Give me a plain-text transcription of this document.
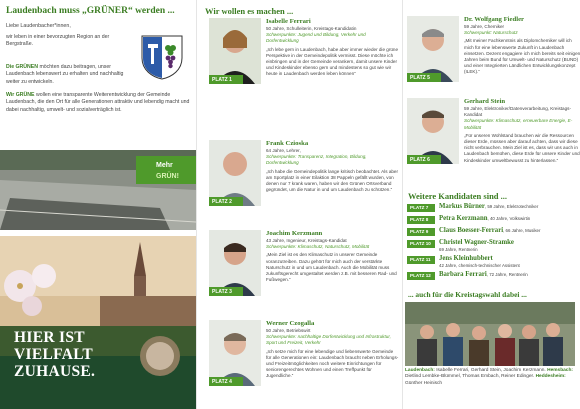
Laudenbach muss „GRÜNER“ werden ...
Liebe Laudenbacher*innen,
wir leben in einer bevorzugten Region an der Bergstraße.
Die GRÜNEN möchten dazu beitragen, unser Laudenbach lebenswert zu erhalten und nachhaltig weiter zu entwickeln.
Wir GRÜNE wollen eine transparente Weiterentwicklung der Gemeinde Laudenbach, die den Ort für alle Generationen attraktiv und lebendig macht und dabei nachhaltig, umwelt- und sozialverträglich ist.
Mehr
GRÜN!
HIER IST
VIELFALT
ZUHAUSE.
Wir wollen es machen ...
PLATZ 1
Isabelle Ferrari
50 Jahre, Schulleiterin, Kreistags-Kandidatin
Schwerpunkte: Jugend und Bildung, Verkehr und Dorfentwicklung
„Ich lebe gern in Laudenbach, habe aber immer wieder die grüne Perspektive in der Gemeindepolitik vermisst. Diese möchte ich einbringen und in der Gemeinde verankern, damit unsere Kinder und Kindeskinder ebenso gern und mindestens so gut wie wir heute in Laudenbach werden leben können“
PLATZ 2
Frank Czioska
64 Jahre, Lehrer,
Schwerpunkte: Transparenz, Integration, Bildung, Dorfentwicklung
„Ich habe die Gemeindepolitik lange kritisch beobachtet. Als aber am Sportplatz in einer Eilaktion 38 Pappeln gefällt wurden, von denen nur 7 krank waren, haben wir den Grünen Ortsverband gegründet, um die Natur in und um Laudenbach zu schützen.“
PLATZ 3
Joachim Kerzmann
43 Jahre, Ingenieur, Kreistags-Kandidat
Schwerpunkte: Klimaschutz, Naturschutz, Mobilität
„Mein Ziel ist es den Klimaschutz in unserer Gemeinde voranzutreiben. Dazu gehört für mich auch der verstärkte Naturschutz in und um Laudenbach. Auch die Mobilität muss zukunftsgerecht umgestaltet werden z.B. mit besseren Rad- und Fußwegen.“
PLATZ 4
Werner Czogalla
50 Jahre, Betriebswirt
Schwerpunkte: nachhaltige Dorfentwicklung und Infrastruktur, Sport und Freizeit, Verkehr
„Ich setze mich für eine lebendige und liebenswerte Gemeinde für alle Generationen ein: Laudenbach braucht neben Erholungs- und Freizeitmöglichkeiten noch weitere Einrichtungen für seniorengerechtes Wohnen und einen Treffpunkt für Jugendliche.“
PLATZ 5
Dr. Wolfgang Fiedler
59 Jahre, Chemiker
Schwerpunkt: Naturschutz
„Mit meiner Fachkenntnis als Diplomchemiker will ich mich für eine lebenswerte Zukunft in Laudenbach einsetzen. Dezent engagiere ich mich bereits seit einigen Jahren beim Bund für Umwelt- und Naturschutz (BUND) und einer Integrierten Ländlichen Entwicklungskonzept (ILEK).“
PLATZ 6
Gerhard Stein
59 Jahre, Elektroniker/Datenverarbeitung, Kreistags-Kandidat
Schwerpunkte: Klimaschutz, erneuerbare Energie, E-Mobilität
„Für unseren Wohlstand brauchen wir die Ressourcen dieser Erde, müssen aber darauf achten, dass wir diese nicht verbrauchen. Mein Ziel ist es, dass wir uns auch in Laudenbach bemühen, diese Erde für unsere Kinder und Kindeskinder umweltbewusst zu hinterlassen.“
Weitere Kandidaten sind ...
PLATZ 7	Markus Bürner, 59 Jahre, Elektrotechniker
PLATZ 8	Petra Kerzmann, 40 Jahre, Volkswirtin
PLATZ 9	Claus Boesser-Ferrari, 66 Jahre, Musiker
PLATZ 10	Christel Wagner-Stramke
69 Jahre, Rentnerin
PLATZ 11	Jens Kleinhubbert
42 Jahre, chemisch-technischer Assistent
PLATZ 12	Barbara Ferrari, 72 Jahre, Rentnerin
... auch für die Kreistagswahl dabei ...
Laudenbach: Isabelle Ferrari, Gerhard Stein, Joachim Kerzmann. Hemsbach: Dietlind Lembke-Blümmel, Thomas Embach, Reiner Edinger. Heddesheim: Günther Heinisch
